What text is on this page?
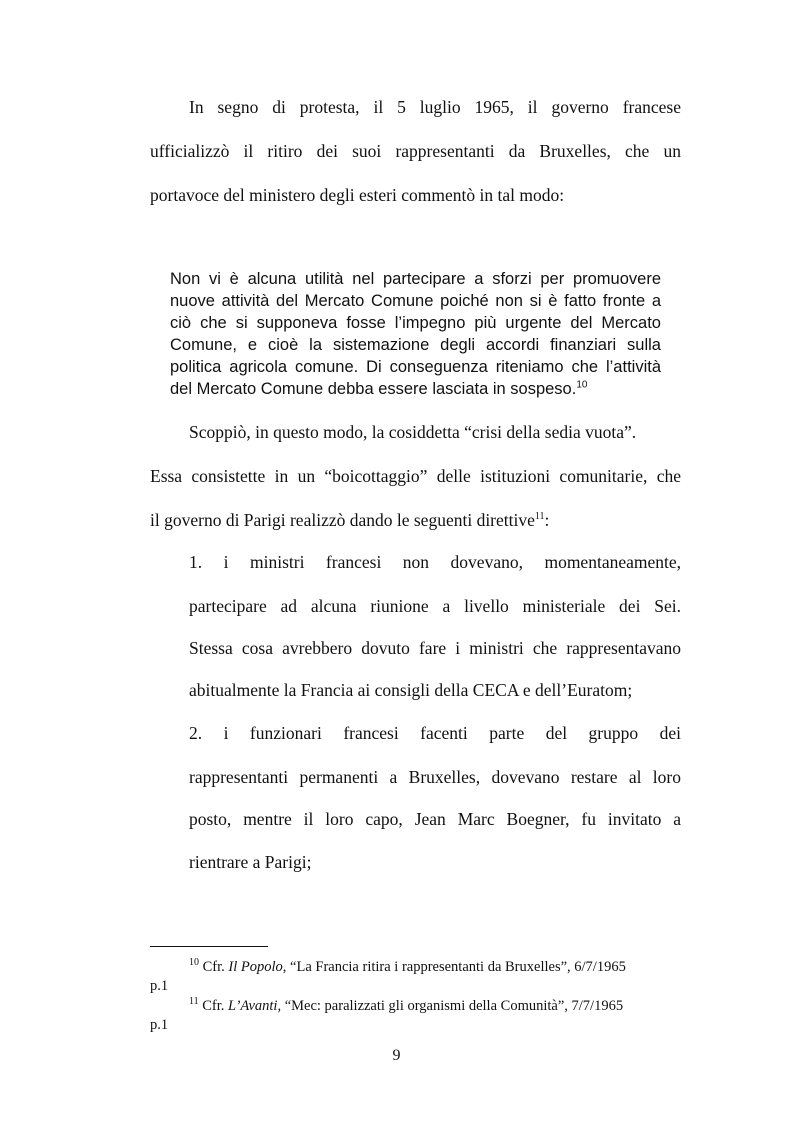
In segno di protesta, il 5 luglio 1965, il governo francese
ufficializzò il ritiro dei suoi rappresentanti da Bruxelles, che un
portavoce del ministero degli esteri commentò in tal modo:
Non vi è alcuna utilità nel partecipare a sforzi per promuovere
nuove attività del Mercato Comune poiché non si è fatto fronte a
ciò che si supponeva fosse l’impegno più urgente del Mercato
Comune, e cioè la sistemazione degli accordi finanziari sulla
politica agricola comune. Di conseguenza riteniamo che l’attività
del Mercato Comune debba essere lasciata in sospeso.$^{10}$
Scoppiò, in questo modo, la cosiddetta “crisi della sedia vuota”.
Essa consistette in un “boicottaggio” delle istituzioni comunitarie, che
il governo di Parigi realizzò dando le seguenti direttive$^{11}$:
1. i ministri francesi non dovevano, momentaneamente,
partecipare ad alcuna riunione a livello ministeriale dei Sei.
Stessa cosa avrebbero dovuto fare i ministri che rappresentavano
abitualmente la Francia ai consigli della CECA e dell’Euratom;
2. i funzionari francesi facenti parte del gruppo dei
rappresentanti permanenti a Bruxelles, dovevano restare al loro
posto, mentre il loro capo, Jean Marc Boegner, fu invitato a
rientrare a Parigi;
$^{10}$ Cfr. Il Popolo, “La Francia ritira i rappresentanti da Bruxelles”, 6/7/1965
p.1
$^{11}$ Cfr. L’Avanti, “Mec: paralizzati gli organismi della Comunità”, 7/7/1965
p.1
9
